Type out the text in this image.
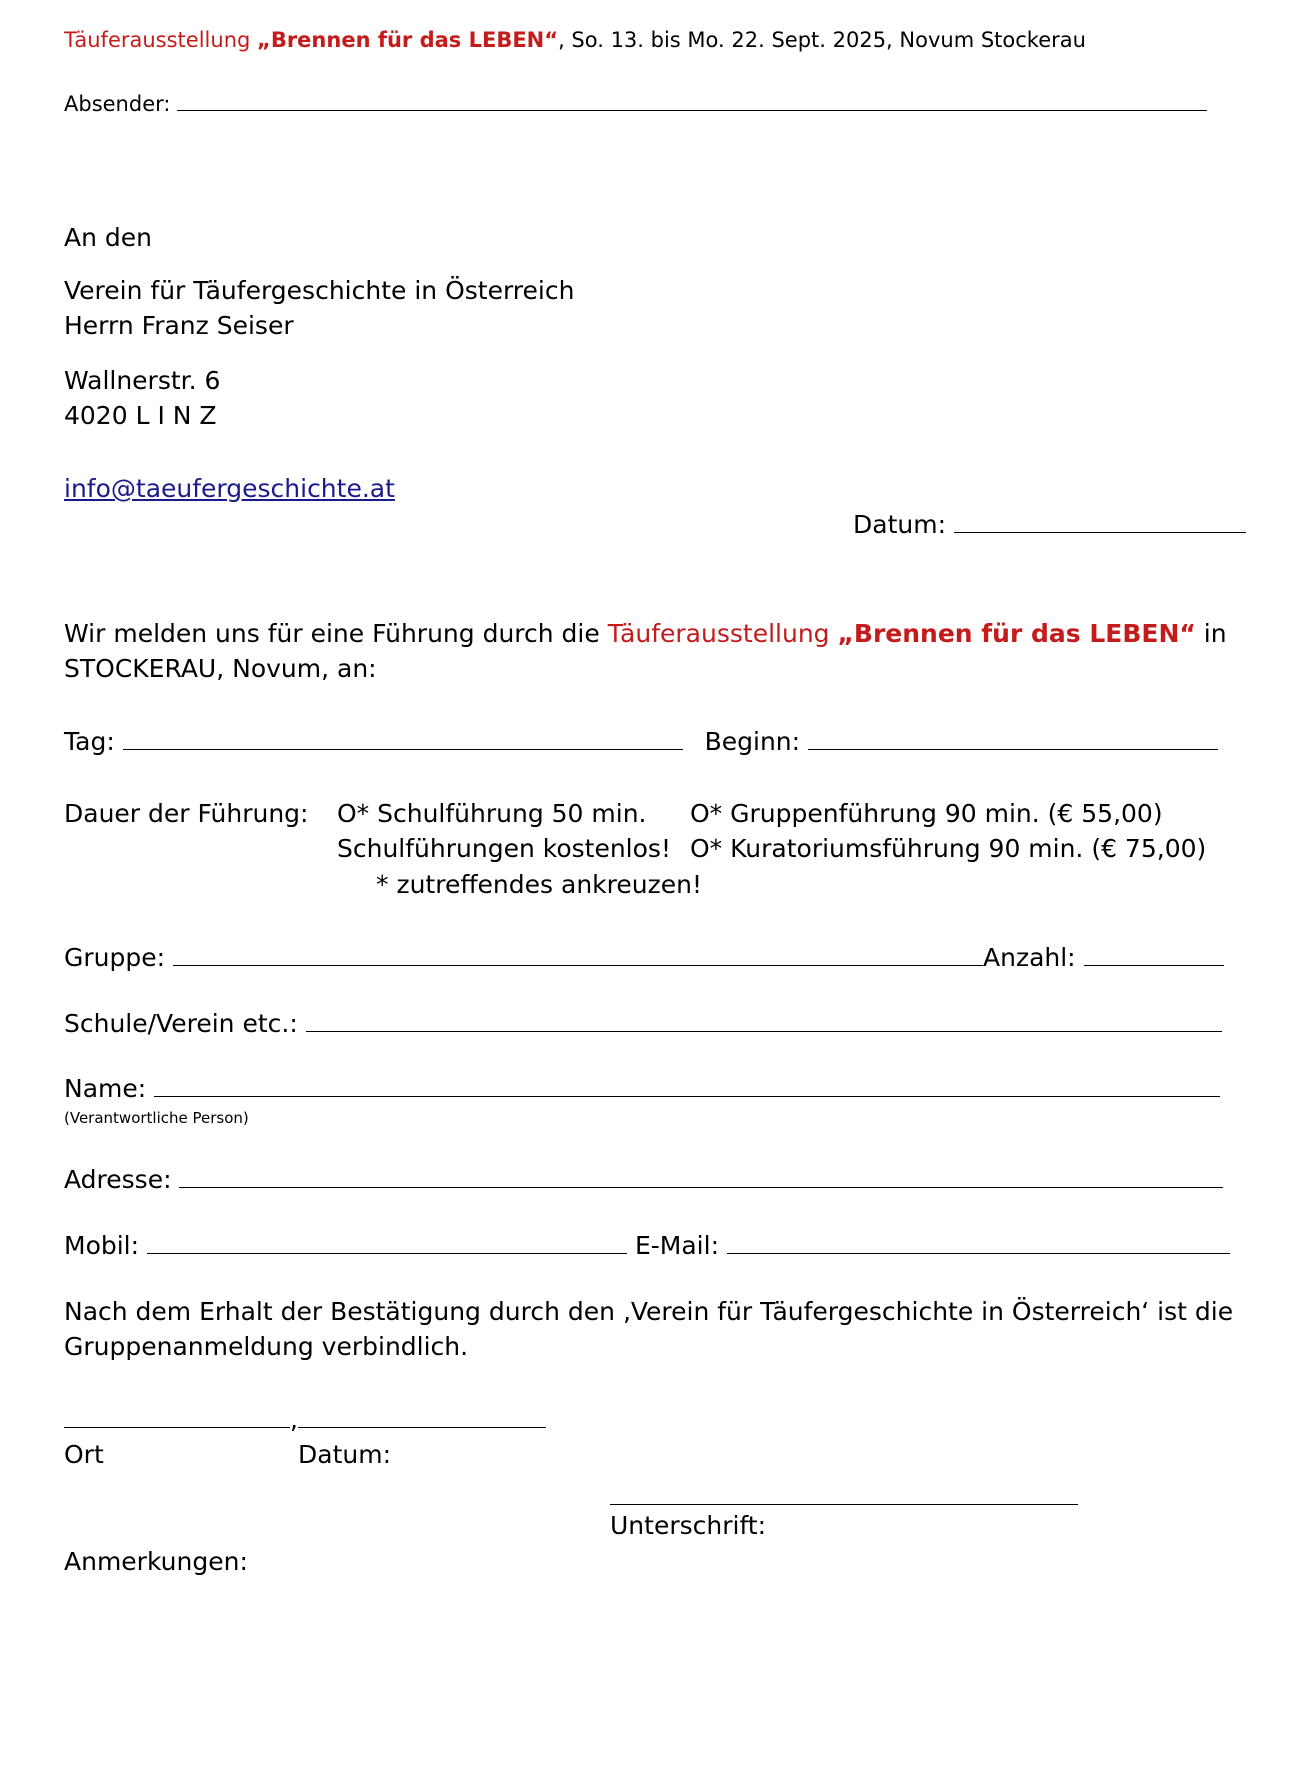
Täuferausstellung „Brennen für das LEBEN“, So. 13. bis Mo. 22. Sept. 2025, Novum Stockerau
Absender:
An den
Verein für Täufergeschichte in Österreich
Herrn Franz Seiser
Wallnerstr. 6
4020 L I N Z
info@taeufergeschichte.at
Datum:
Wir melden uns für eine Führung durch die Täuferausstellung „Brennen für das LEBEN“ in
STOCKERAU, Novum, an:
Tag:	Beginn:
Dauer der Führung: O* Schulführung 50 min. O* Gruppenführung 90 min. (€ 55,00)
Schulführungen kostenlos! O* Kuratoriumsführung 90 min. (€ 75,00)
* zutreffendes ankreuzen!
Gruppe:	Anzahl:
Schule/Verein etc.:
Name:
(Verantwortliche Person)
Adresse:
Mobil:	E-Mail:
Nach dem Erhalt der Bestätigung durch den ‚Verein für Täufergeschichte in Österreich‘ ist die
Gruppenanmeldung verbindlich.
,
Ort	Datum:
Unterschrift:
Anmerkungen:
